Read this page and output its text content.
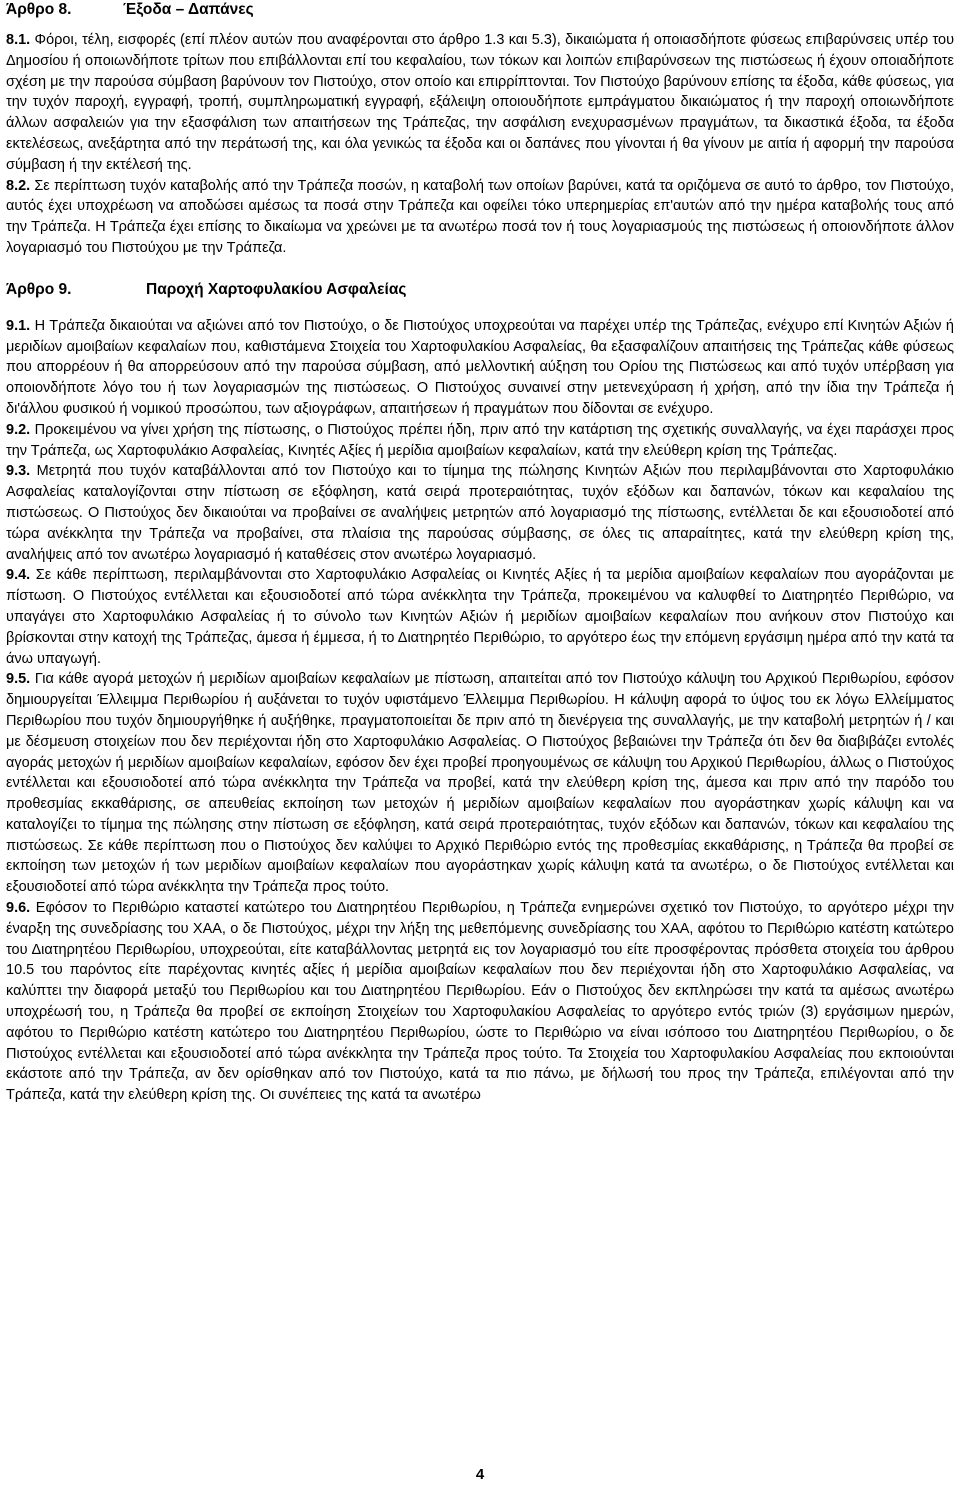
Άρθρο 8.	Έξοδα – Δαπάνες

8.1. Φόροι, τέλη, εισφορές (επί πλέον αυτών που αναφέρονται στο άρθρο 1.3 και 5.3), δικαιώματα ή οποιασδήποτε φύσεως επιβαρύνσεις υπέρ του Δημοσίου ή οποιωνδήποτε τρίτων που επιβάλλονται επί του κεφαλαίου, των τόκων και λοιπών επιβαρύνσεων της πιστώσεως ή έχουν οποιαδήποτε σχέση με την παρούσα σύμβαση βαρύνουν τον Πιστούχο, στον οποίο και επιρρίπτονται. Τον Πιστούχο βαρύνουν επίσης τα έξοδα, κάθε φύσεως, για την τυχόν παροχή, εγγραφή, τροπή, συμπληρωματική εγγραφή, εξάλειψη οποιουδήποτε εμπράγματου δικαιώματος ή την παροχή οποιωνδήποτε άλλων ασφαλειών για την εξασφάλιση των απαιτήσεων της Τράπεζας, την ασφάλιση ενεχυρασμένων πραγμάτων, τα δικαστικά έξοδα, τα έξοδα εκτελέσεως, ανεξάρτητα από την περάτωσή της, και όλα γενικώς τα έξοδα και οι δαπάνες που γίνονται ή θα γίνουν με αιτία ή αφορμή την παρούσα σύμβαση ή την εκτέλεσή της.

8.2. Σε περίπτωση τυχόν καταβολής από την Τράπεζα ποσών, η καταβολή των οποίων βαρύνει, κατά τα οριζόμενα σε αυτό το άρθρο, τον Πιστούχο, αυτός έχει υποχρέωση να αποδώσει αμέσως τα ποσά στην Τράπεζα και οφείλει τόκο υπερημερίας επ'αυτών από την ημέρα καταβολής τους από την Τράπεζα. Η Τράπεζα έχει επίσης το δικαίωμα να χρεώνει με τα ανωτέρω ποσά τον ή τους λογαριασμούς της πιστώσεως ή οποιονδήποτε άλλον λογαριασμό του Πιστούχου με την Τράπεζα.

Άρθρο 9.	Παροχή Χαρτοφυλακίου Ασφαλείας

9.1. Η Τράπεζα δικαιούται να αξιώνει από τον Πιστούχο, ο δε Πιστούχος υποχρεούται να παρέχει υπέρ της Τράπεζας, ενέχυρο επί Κινητών Αξιών ή μεριδίων αμοιβαίων κεφαλαίων που, καθιστάμενα Στοιχεία του Χαρτοφυλακίου Ασφαλείας, θα εξασφαλίζουν απαιτήσεις της Τράπεζας κάθε φύσεως που απορρέουν ή θα απορρεύσουν από την παρούσα σύμβαση, από μελλοντική αύξηση του Ορίου της Πιστώσεως και από τυχόν υπέρβαση για οποιονδήποτε λόγο του ή των λογαριασμών της πιστώσεως. Ο Πιστούχος συναινεί στην μετενεχύραση ή χρήση, από την ίδια την Τράπεζα ή δι'άλλου φυσικού ή νομικού προσώπου, των αξιογράφων, απαιτήσεων ή πραγμάτων που δίδονται σε ενέχυρο.

9.2. Προκειμένου να γίνει χρήση της πίστωσης, ο Πιστούχος πρέπει ήδη, πριν από την κατάρτιση της σχετικής συναλλαγής, να έχει παράσχει προς την Τράπεζα, ως Χαρτοφυλάκιο Ασφαλείας, Κινητές Αξίες ή μερίδια αμοιβαίων κεφαλαίων, κατά την ελεύθερη κρίση της Τράπεζας.

9.3. Μετρητά που τυχόν καταβάλλονται από τον Πιστούχο και το τίμημα της πώλησης Κινητών Αξιών που περιλαμβάνονται στο Χαρτοφυλάκιο Ασφαλείας καταλογίζονται στην πίστωση σε εξόφληση, κατά σειρά προτεραιότητας, τυχόν εξόδων και δαπανών, τόκων και κεφαλαίου της πιστώσεως. Ο Πιστούχος δεν δικαιούται να προβαίνει σε αναλήψεις μετρητών από λογαριασμό της πίστωσης, εντέλλεται δε και εξουσιοδοτεί από τώρα ανέκκλητα την Τράπεζα να προβαίνει, στα πλαίσια της παρούσας σύμβασης, σε όλες τις απαραίτητες, κατά την ελεύθερη κρίση της, αναλήψεις από τον ανωτέρω λογαριασμό ή καταθέσεις στον ανωτέρω λογαριασμό.

9.4. Σε κάθε περίπτωση, περιλαμβάνονται στο Χαρτοφυλάκιο Ασφαλείας οι Κινητές Αξίες ή τα μερίδια αμοιβαίων κεφαλαίων που αγοράζονται με πίστωση. Ο Πιστούχος εντέλλεται και εξουσιοδοτεί από τώρα ανέκκλητα την Τράπεζα, προκειμένου να καλυφθεί το Διατηρητέο Περιθώριο, να υπαγάγει στο Χαρτοφυλάκιο Ασφαλείας ή το σύνολο των Κινητών Αξιών ή μεριδίων αμοιβαίων κεφαλαίων που ανήκουν στον Πιστούχο και βρίσκονται στην κατοχή της Τράπεζας, άμεσα ή έμμεσα, ή το Διατηρητέο Περιθώριο, το αργότερο έως την επόμενη εργάσιμη ημέρα από την κατά τα άνω υπαγωγή.

9.5. Για κάθε αγορά μετοχών ή μεριδίων αμοιβαίων κεφαλαίων με πίστωση, απαιτείται από τον Πιστούχο κάλυψη του Αρχικού Περιθωρίου, εφόσον δημιουργείται Έλλειμμα Περιθωρίου ή αυξάνεται το τυχόν υφιστάμενο Έλλειμμα Περιθωρίου. Η κάλυψη αφορά το ύψος του εκ λόγω Ελλείμματος Περιθωρίου που τυχόν δημιουργήθηκε ή αυξήθηκε, πραγματοποιείται δε πριν από τη διενέργεια της συναλλαγής, με την καταβολή μετρητών ή / και με δέσμευση στοιχείων που δεν περιέχονται ήδη στο Χαρτοφυλάκιο Ασφαλείας. Ο Πιστούχος βεβαιώνει την Τράπεζα ότι δεν θα διαβιβάζει εντολές αγοράς μετοχών ή μεριδίων αμοιβαίων κεφαλαίων, εφόσον δεν έχει προβεί προηγουμένως σε κάλυψη του Αρχικού Περιθωρίου, άλλως ο Πιστούχος εντέλλεται και εξουσιοδοτεί από τώρα ανέκκλητα την Τράπεζα να προβεί, κατά την ελεύθερη κρίση της, άμεσα και πριν από την παρόδο του προθεσμίας εκκαθάρισης, σε απευθείας εκποίηση των μετοχών ή μεριδίων αμοιβαίων κεφαλαίων που αγοράστηκαν χωρίς κάλυψη και να καταλογίζει το τίμημα της πώλησης στην πίστωση σε εξόφληση, κατά σειρά προτεραιότητας, τυχόν εξόδων και δαπανών, τόκων και κεφαλαίου της πιστώσεως. Σε κάθε περίπτωση που ο Πιστούχος δεν καλύψει το Αρχικό Περιθώριο εντός της προθεσμίας εκκαθάρισης, η Τράπεζα θα προβεί σε εκποίηση των μετοχών ή των μεριδίων αμοιβαίων κεφαλαίων που αγοράστηκαν χωρίς κάλυψη κατά τα ανωτέρω, ο δε Πιστούχος εντέλλεται και εξουσιοδοτεί από τώρα ανέκκλητα την Τράπεζα προς τούτο.

9.6. Εφόσον το Περιθώριο καταστεί κατώτερο του Διατηρητέου Περιθωρίου, η Τράπεζα ενημερώνει σχετικό τον Πιστούχο, το αργότερο μέχρι την έναρξη της συνεδρίασης του ΧΑΑ, ο δε Πιστούχος, μέχρι την λήξη της μεθεπόμενης συνεδρίασης του ΧΑΑ, αφότου το Περιθώριο κατέστη κατώτερο του Διατηρητέου Περιθωρίου, υποχρεούται, είτε καταβάλλοντας μετρητά εις τον λογαριασμό του είτε προσφέροντας πρόσθετα στοιχεία του άρθρου 10.5 του παρόντος είτε παρέχοντας κινητές αξίες ή μερίδια αμοιβαίων κεφαλαίων που δεν περιέχονται ήδη στο Χαρτοφυλάκιο Ασφαλείας, να καλύπτει την διαφορά μεταξύ του Περιθωρίου και του Διατηρητέου Περιθωρίου. Εάν ο Πιστούχος δεν εκπληρώσει την κατά τα αμέσως ανωτέρω υποχρέωσή του, η Τράπεζα θα προβεί σε εκποίηση Στοιχείων του Χαρτοφυλακίου Ασφαλείας το αργότερο εντός τριών (3) εργάσιμων ημερών, αφότου το Περιθώριο κατέστη κατώτερο του Διατηρητέου Περιθωρίου, ώστε το Περιθώριο να είναι ισόποσο του Διατηρητέου Περιθωρίου, ο δε Πιστούχος εντέλλεται και εξουσιοδοτεί από τώρα ανέκκλητα την Τράπεζα προς τούτο. Τα Στοιχεία του Χαρτοφυλακίου Ασφαλείας που εκποιούνται εκάστοτε από την Τράπεζα, αν δεν ορίσθηκαν από τον Πιστούχο, κατά τα πιο πάνω, με δήλωσή του προς την Τράπεζα, επιλέγονται από την Τράπεζα, κατά την ελεύθερη κρίση της. Οι συνέπειες της κατά τα ανωτέρω

4
